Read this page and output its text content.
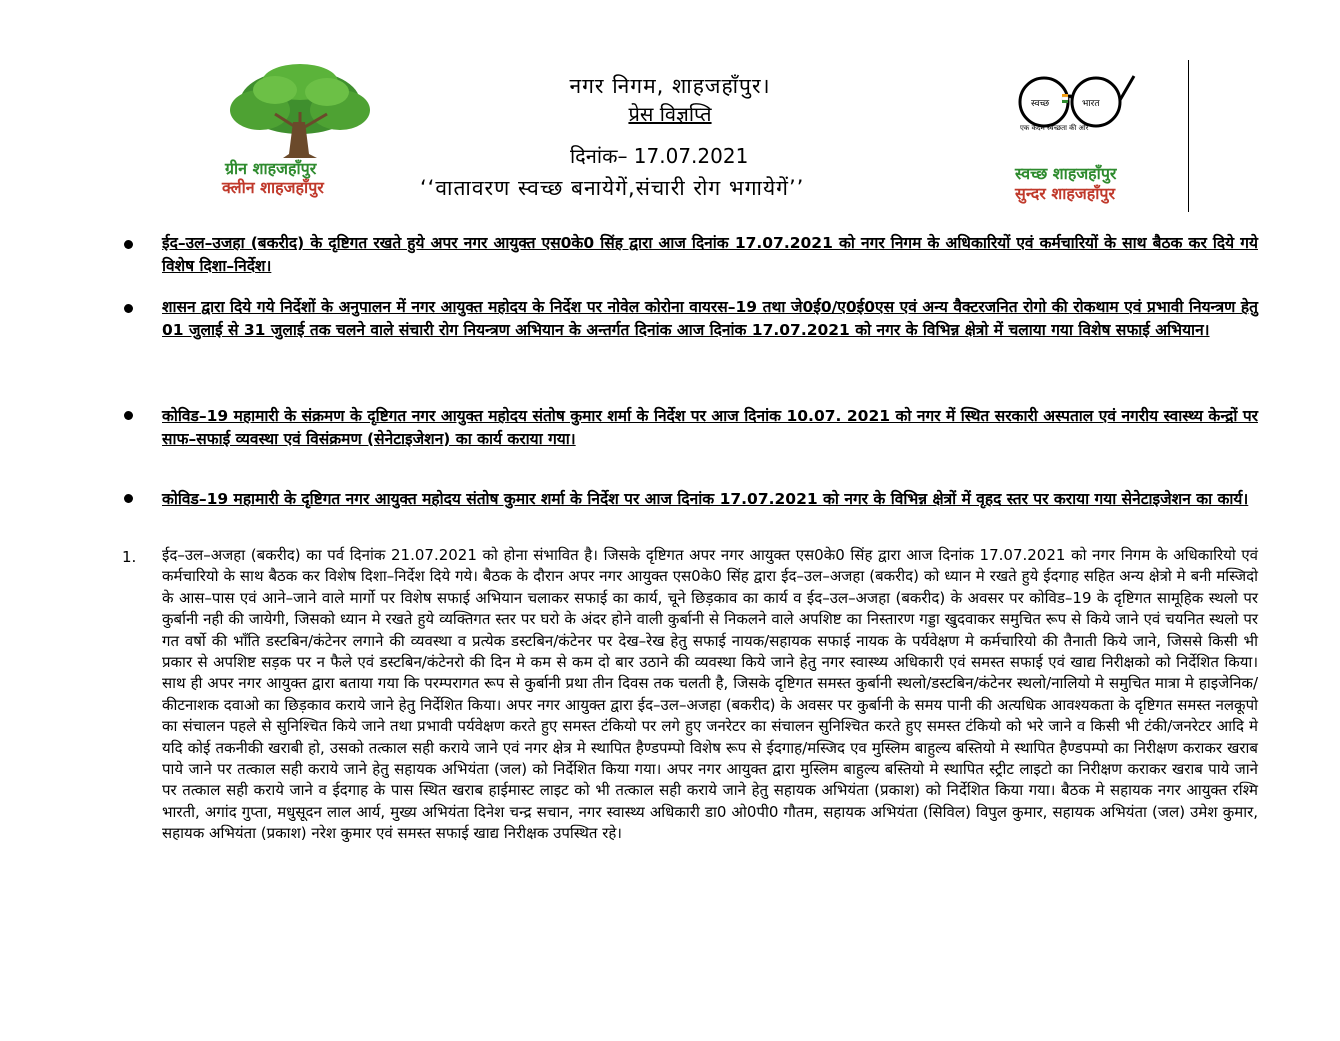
ग्रीन शाहजहाँपुर
क्लीन शाहजहाँपुर
नगर निगम, शाहजहाँपुर।
प्रेस विज्ञप्ति
दिनांक– 17.07.2021
‘‘वातावरण स्वच्छ बनायेगें,संचारी रोग भगायेगें’’
स्वच्छ	भारत
एक कदम स्वच्छता की ओर
स्वच्छ शाहजहाँपुर
सुन्दर शाहजहाँपुर
ईद–उल–उजहा (बकरीद) के दृष्टिगत रखते हुये अपर नगर आयुक्त एस0के0 सिंह द्वारा आज दिनांक 17.07.2021 को नगर निगम के अधिकारियों एवं कर्मचारियों के साथ बैठक कर दिये गये विशेष दिशा–निर्देश।
शासन द्वारा दिये गये निर्देशों के अनुपालन में नगर आयुक्त महोदय के निर्देश पर नोवेल कोरोना वायरस–19 तथा जे0ई0/ए0ई0एस एवं अन्य वैक्टरजनित रोगो की रोकथाम एवं प्रभावी नियन्त्रण हेतु 01 जुलाई से 31 जुलाई तक चलने वाले संचारी रोग नियन्त्रण अभियान के अन्तर्गत दिनांक आज दिनांक 17.07.2021 को नगर के विभिन्न क्षेत्रो में चलाया गया विशेष सफाई अभियान।
कोविड–19 महामारी के संक्रमण के दृष्टिगत नगर आयुक्त महोदय संतोष कुमार शर्मा के निर्देश पर आज दिनांक 10.07. 2021 को नगर में स्थित सरकारी अस्पताल एवं नगरीय स्वास्थ्य केन्द्रों पर साफ–सफाई व्यवस्था एवं विसंक्रमण (सेनेटाइजेशन) का कार्य कराया गया।
कोविड–19 महामारी के दृष्टिगत नगर आयुक्त महोदय संतोष कुमार शर्मा के निर्देश पर आज दिनांक 17.07.2021 को नगर के विभिन्न क्षेत्रों में वृहद स्तर पर कराया गया सेनेटाइजेशन का कार्य।
1. ईद–उल–अजहा (बकरीद) का पर्व दिनांक 21.07.2021 को होना संभावित है। जिसके दृष्टिगत अपर नगर आयुक्त एस0के0 सिंह द्वारा आज दिनांक 17.07.2021 को नगर निगम के अधिकारियो एवं कर्मचारियो के साथ बैठक कर विशेष दिशा–निर्देश दिये गये। बैठक के दौरान अपर नगर आयुक्त एस0के0 सिंह द्वारा ईद–उल–अजहा (बकरीद) को ध्यान मे रखते हुये ईदगाह सहित अन्य क्षेत्रो मे बनी मस्जिदो के आस–पास एवं आने–जाने वाले मार्गो पर विशेष सफाई अभियान चलाकर सफाई का कार्य, चूने छिड़काव का कार्य व ईद–उल–अजहा (बकरीद) के अवसर पर कोविड–19 के दृष्टिगत सामूहिक स्थलो पर कुर्बानी नही की जायेगी, जिसको ध्यान मे रखते हुये व्यक्तिगत स्तर पर घरो के अंदर होने वाली कुर्बानी से निकलने वाले अपशिष्ट का निस्तारण गड्डा खुदवाकर समुचित रूप से किये जाने एवं चयनित स्थलो पर गत वर्षो की भाँति डस्टबिन/कंटेनर लगाने की व्यवस्था व प्रत्येक डस्टबिन/कंटेनर पर देख–रेख हेतु सफाई नायक/सहायक सफाई नायक के पर्यवेक्षण मे कर्मचारियो की तैनाती किये जाने, जिससे किसी भी प्रकार से अपशिष्ट सड़क पर न फैले एवं डस्टबिन/कंटेनरो की दिन मे कम से कम दो बार उठाने की व्यवस्था किये जाने हेतु नगर स्वास्थ्य अधिकारी एवं समस्त सफाई एवं खाद्य निरीक्षको को निर्देशित किया। साथ ही अपर नगर आयुक्त द्वारा बताया गया कि परम्परागत रूप से कुर्बानी प्रथा तीन दिवस तक चलती है, जिसके दृष्टिगत समस्त कुर्बानी स्थलो/डस्टबिन/कंटेनर स्थलो/नालियो मे समुचित मात्रा मे हाइजेनिक/कीटनाशक दवाओ का छिड़काव कराये जाने हेतु निर्देशित किया। अपर नगर आयुक्त द्वारा ईद–उल–अजहा (बकरीद) के अवसर पर कुर्बानी के समय पानी की अत्यधिक आवश्यकता के दृष्टिगत समस्त नलकूपो का संचालन पहले से सुनिश्चित किये जाने तथा प्रभावी पर्यवेक्षण करते हुए समस्त टंकियो पर लगे हुए जनरेटर का संचालन सुनिश्चित करते हुए समस्त टंकियो को भरे जाने व किसी भी टंकी/जनरेटर आदि मे यदि कोई तकनीकी खराबी हो, उसको तत्काल सही कराये जाने एवं नगर क्षेत्र मे स्थापित हैण्डपम्पो विशेष रूप से ईदगाह/मस्जिद एव मुस्लिम बाहुल्य बस्तियो मे स्थापित हैण्डपम्पो का निरीक्षण कराकर खराब पाये जाने पर तत्काल सही कराये जाने हेतु सहायक अभियंता (जल) को निर्देशित किया गया। अपर नगर आयुक्त द्वारा मुस्लिम बाहुल्य बस्तियो मे स्थापित स्ट्रीट लाइटो का निरीक्षण कराकर खराब पाये जाने पर तत्काल सही कराये जाने व ईदगाह के पास स्थित खराब हाईमास्ट लाइट को भी तत्काल सही कराये जाने हेतु सहायक अभियंता (प्रकाश) को निर्देशित किया गया। बैठक मे सहायक नगर आयुक्त रश्मि भारती, अगांद गुप्ता, मधुसूदन लाल आर्य, मुख्य अभियंता दिनेश चन्द्र सचान, नगर स्वास्थ्य अधिकारी डा0 ओ0पी0 गौतम, सहायक अभियंता (सिविल) विपुल कुमार, सहायक अभियंता (जल) उमेश कुमार, सहायक अभियंता (प्रकाश) नरेश कुमार एवं समस्त सफाई खाद्य निरीक्षक उपस्थित रहे।
